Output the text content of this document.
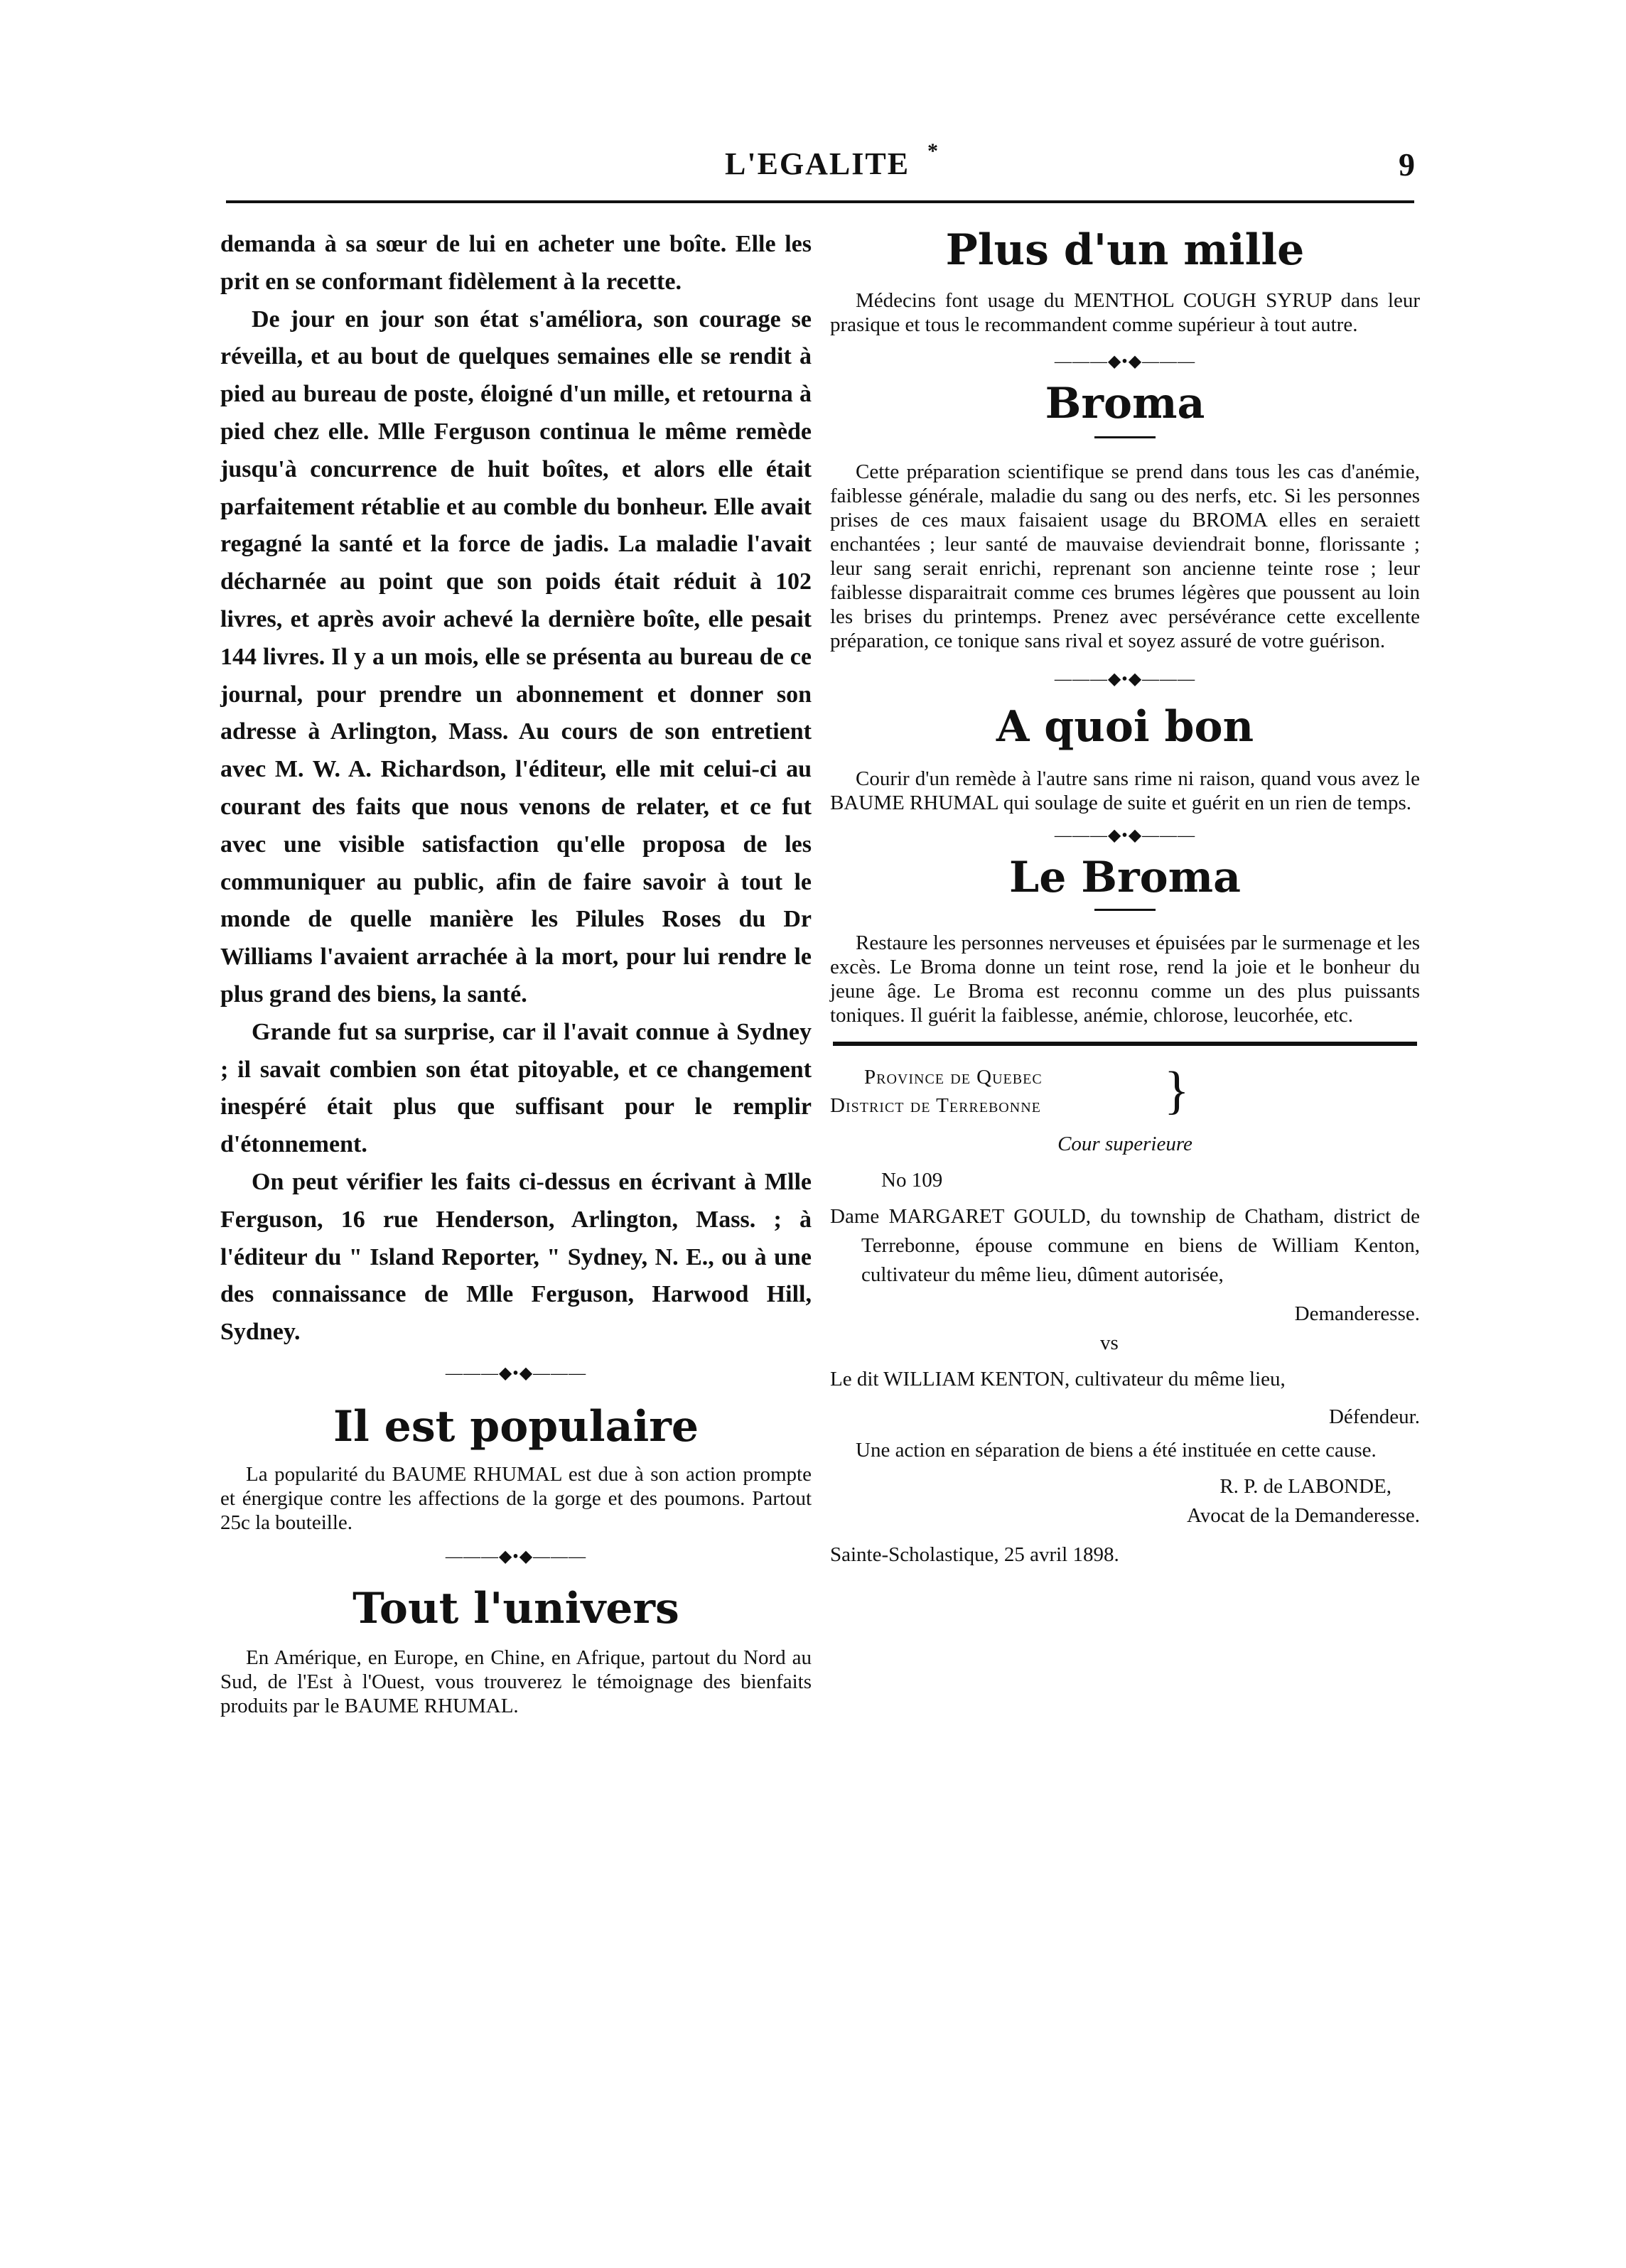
L'EGALITE *	9

demanda à sa sœur de lui en acheter une boîte. Elle les prit en se conformant fidèlement à la recette.

De jour en jour son état s'améliora, son courage se réveilla, et au bout de quelques semaines elle se rendit à pied au bureau de poste, éloigné d'un mille, et retourna à pied chez elle. Mlle Ferguson continua le même remède jusqu'à concurrence de huit boîtes, et alors elle était parfaitement rétablie et au comble du bonheur. Elle avait regagné la santé et la force de jadis. La maladie l'avait décharnée au point que son poids était réduit à 102 livres, et après avoir achevé la dernière boîte, elle pesait 144 livres. Il y a un mois, elle se présenta au bureau de ce journal, pour prendre un abonnement et donner son adresse à Arlington, Mass. Au cours de son entretient avec M. W. A. Richardson, l'éditeur, elle mit celui-ci au courant des faits que nous venons de relater, et ce fut avec une visible satisfaction qu'elle proposa de les communiquer au public, afin de faire savoir à tout le monde de quelle manière les Pilules Roses du Dr Williams l'avaient arrachée à la mort, pour lui rendre le plus grand des biens, la santé.

Grande fut sa surprise, car il l'avait connue à Sydney ; il savait combien son état pitoyable, et ce changement inespéré était plus que suffisant pour le remplir d'étonnement.

On peut vérifier les faits ci-dessus en écrivant à Mlle Ferguson, 16 rue Henderson, Arlington, Mass. ; à l'éditeur du " Island Reporter, " Sydney, N. E., ou à une des connaissance de Mlle Ferguson, Harwood Hill, Sydney.

———◆•◆———
Il est populaire

La popularité du BAUME RHUMAL est due à son action prompte et énergique contre les affections de la gorge et des poumons. Partout 25c la bouteille.

———◆•◆———
Tout l'univers

En Amérique, en Europe, en Chine, en Afrique, partout du Nord au Sud, de l'Est à l'Ouest, vous trouverez le témoignage des bienfaits produits par le BAUME RHUMAL.

Plus d'un mille

Médecins font usage du MENTHOL COUGH SYRUP dans leur prasique et tous le recommandent comme supérieur à tout autre.

———◆•◆———
Broma

Cette préparation scientifique se prend dans tous les cas d'anémie, faiblesse générale, maladie du sang ou des nerfs, etc. Si les personnes prises de ces maux faisaient usage du BROMA elles en seraiett enchantées ; leur santé de mauvaise deviendrait bonne, florissante ; leur sang serait enrichi, reprenant son ancienne teinte rose ; leur faiblesse disparaitrait comme ces brumes légères que poussent au loin les brises du printemps. Prenez avec persévérance cette excellente préparation, ce tonique sans rival et soyez assuré de votre guérison.

———◆•◆———
A quoi bon

Courir d'un remède à l'autre sans rime ni raison, quand vous avez le BAUME RHUMAL qui soulage de suite et guérit en un rien de temps.

———◆•◆———
Le Broma

Restaure les personnes nerveuses et épuisées par le surmenage et les excès. Le Broma donne un teint rose, rend la joie et le bonheur du jeune âge. Le Broma est reconnu comme un des plus puissants toniques. Il guérit la faiblesse, anémie, chlorose, leucorhée, etc.

Province de Quebec
District de Terrebonne }
Cour superieure
No 109
Dame MARGARET GOULD, du township de Chatham, district de Terrebonne, épouse commune en biens de William Kenton, cultivateur du même lieu, dûment autorisée,
Demanderesse.
vs
Le dit WILLIAM KENTON, cultivateur du même lieu,
Défendeur.
Une action en séparation de biens a été instituée en cette cause.
R. P. de LABONDE,
Avocat de la Demanderesse.
Sainte-Scholastique, 25 avril 1898.
